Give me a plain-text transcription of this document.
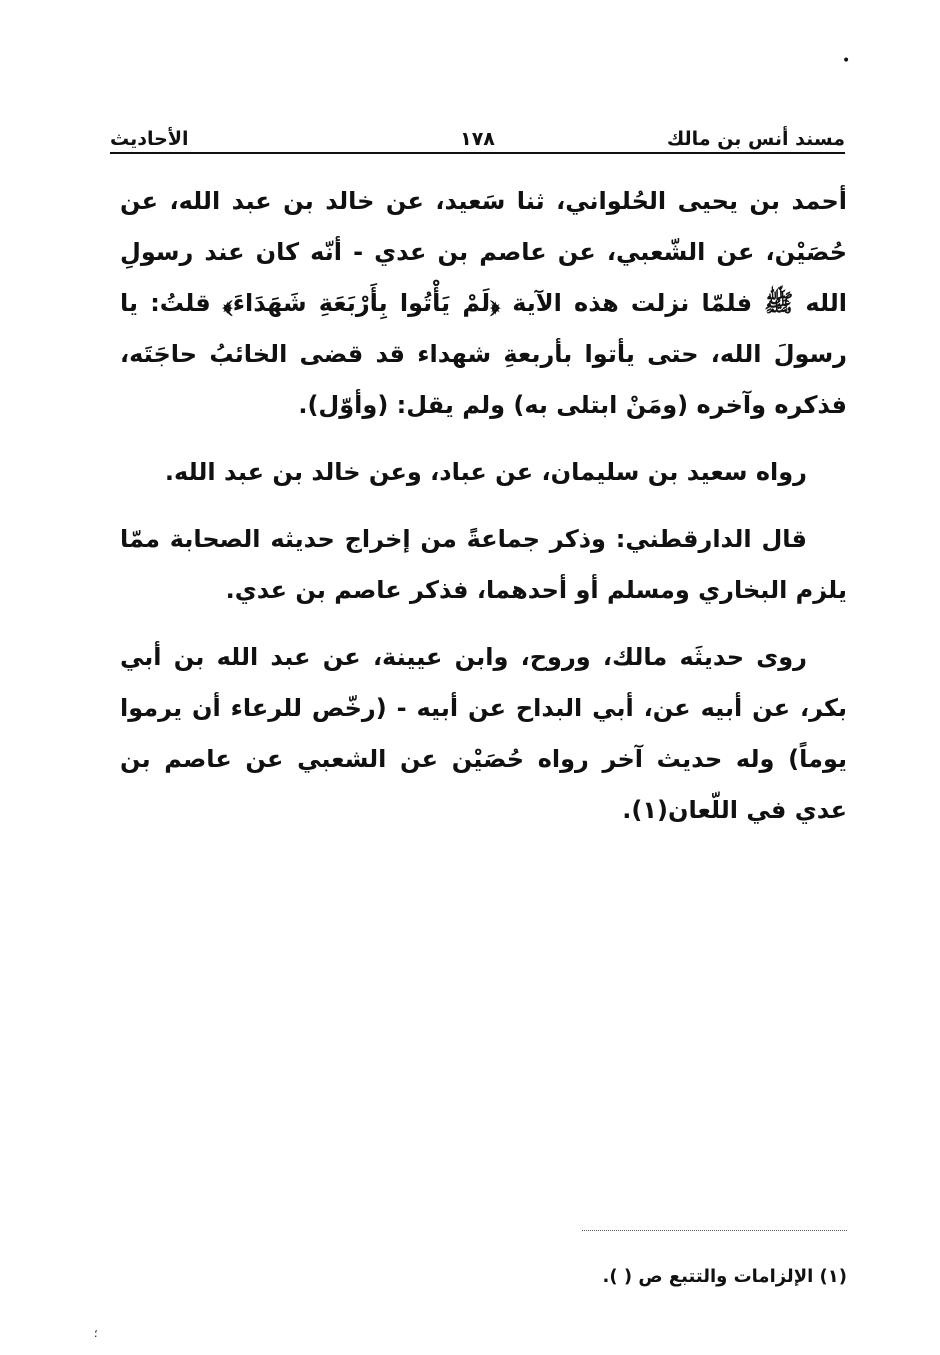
•
مسند أنس بن مالك
١٧٨
الأحاديث

أحمد بن يحيى الحُلواني، ثنا سَعيد، عن خالد بن عبد الله، عن حُصَيْن، عن الشّعبي، عن عاصم بن عدي - أنّه كان عند رسولِ الله ﷺ فلمّا نزلت هذه الآية ﴿لَمْ يَأْتُوا بِأَرْبَعَةِ شَهَدَاءَ﴾ قلتُ: يا رسولَ الله، حتى يأتوا بأربعةِ شهداء قد قضى الخائبُ حاجَتَه، فذكره وآخره (ومَنْ ابتلى به) ولم يقل: (وأوّل).

رواه سعيد بن سليمان، عن عباد، وعن خالد بن عبد الله.

قال الدارقطني: وذكر جماعةً من إخراج حديثه الصحابة ممّا يلزم البخاري ومسلم أو أحدهما، فذكر عاصم بن عدي.

روى حديثَه مالك، وروح، وابن عيينة، عن عبد الله بن أبي بكر، عن أبيه عن، أبي البداح عن أبيه - (رخّص للرعاء أن يرموا يوماً) وله حديث آخر رواه حُصَيْن عن الشعبي عن عاصم بن عدي في اللّعان(١).

(١) الإلزامات والتتبع ص ( ).
؛
